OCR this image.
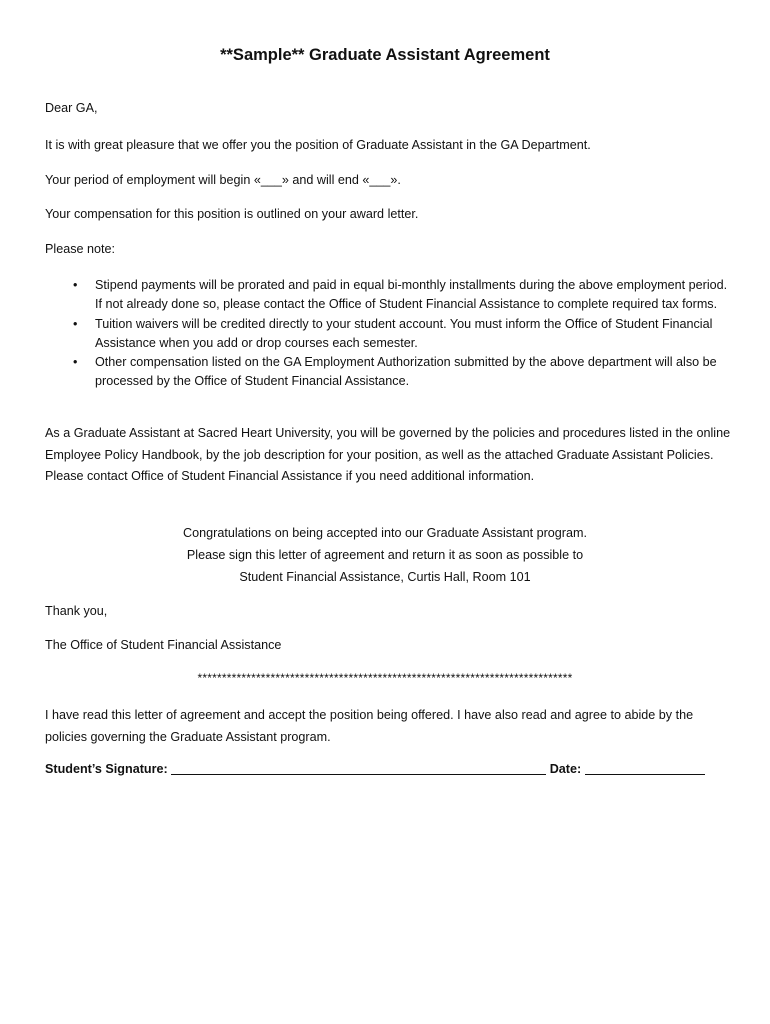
**Sample** Graduate Assistant Agreement

Dear GA,

It is with great pleasure that we offer you the position of Graduate Assistant in the GA Department.

Your period of employment will begin «___» and will end «___».

Your compensation for this position is outlined on your award letter.

Please note:

• Stipend payments will be prorated and paid in equal bi-monthly installments during the above employment period. If not already done so, please contact the Office of Student Financial Assistance to complete required tax forms.
• Tuition waivers will be credited directly to your student account. You must inform the Office of Student Financial Assistance when you add or drop courses each semester.
• Other compensation listed on the GA Employment Authorization submitted by the above department will also be processed by the Office of Student Financial Assistance.

As a Graduate Assistant at Sacred Heart University, you will be governed by the policies and procedures listed in the online Employee Policy Handbook, by the job description for your position, as well as the attached Graduate Assistant Policies. Please contact Office of Student Financial Assistance if you need additional information.

Congratulations on being accepted into our Graduate Assistant program.
Please sign this letter of agreement and return it as soon as possible to
Student Financial Assistance, Curtis Hall, Room 101

Thank you,

The Office of Student Financial Assistance

*****************************************************************************

I have read this letter of agreement and accept the position being offered. I have also read and agree to abide by the policies governing the Graduate Assistant program.

Student’s Signature:	Date:
